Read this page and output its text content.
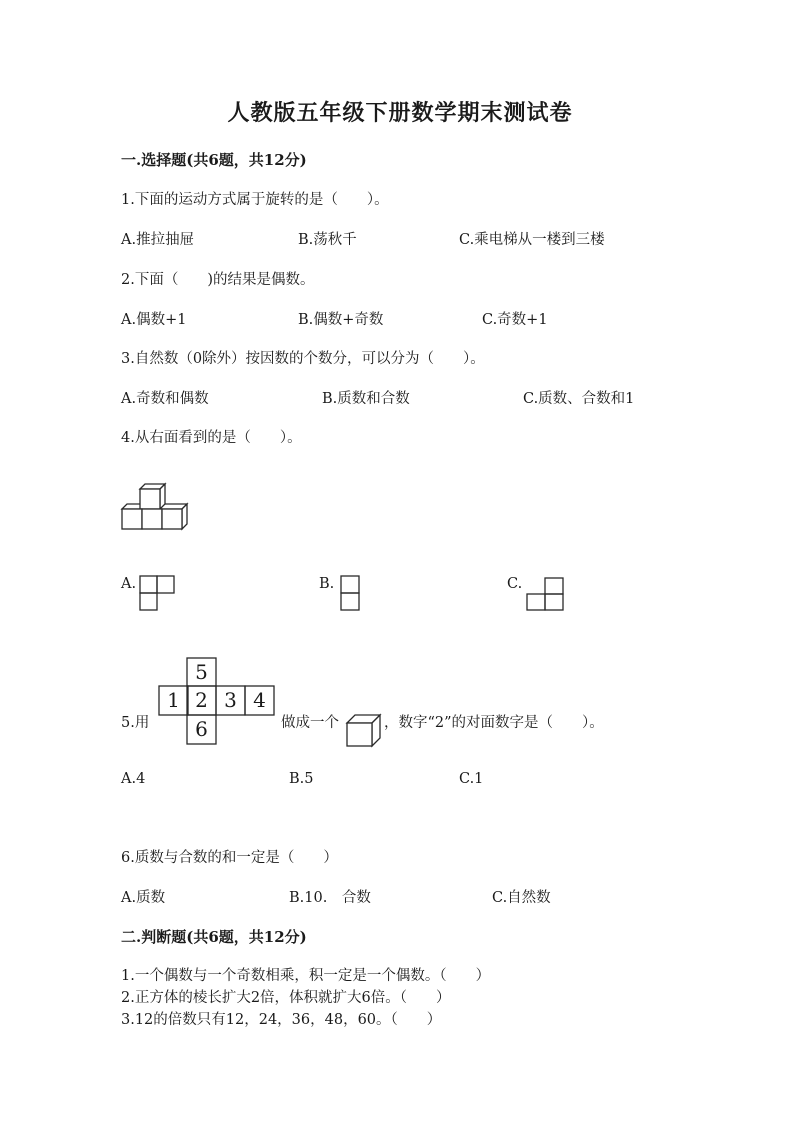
人教版五年级下册数学期末测试卷
一.选择题(共6题，共12分)
1.下面的运动方式属于旋转的是（　　）。
A.推拉抽屉	B.荡秋千	C.乘电梯从一楼到三楼
2.下面（　　)的结果是偶数。
A.偶数+1	B.偶数+奇数	C.奇数+1
3.自然数（0除外）按因数的个数分，可以分为（　　）。
A.奇数和偶数	B.质数和合数	C.质数、合数和1
4.从右面看到的是（　　）。
A.	B.	C.
5.用
5
1 2 3 4
6	做成一个	，数字“2”的对面数字是（　　）。
A.4	B.5	C.1
6.质数与合数的和一定是（　　）
A.质数	B.10.　合数	C.自然数
二.判断题(共6题，共12分)
1.一个偶数与一个奇数相乘，积一定是一个偶数。（　　）
2.正方体的棱长扩大2倍，体积就扩大6倍。（　　）
3.12的倍数只有12，24，36，48，60。（　　）
